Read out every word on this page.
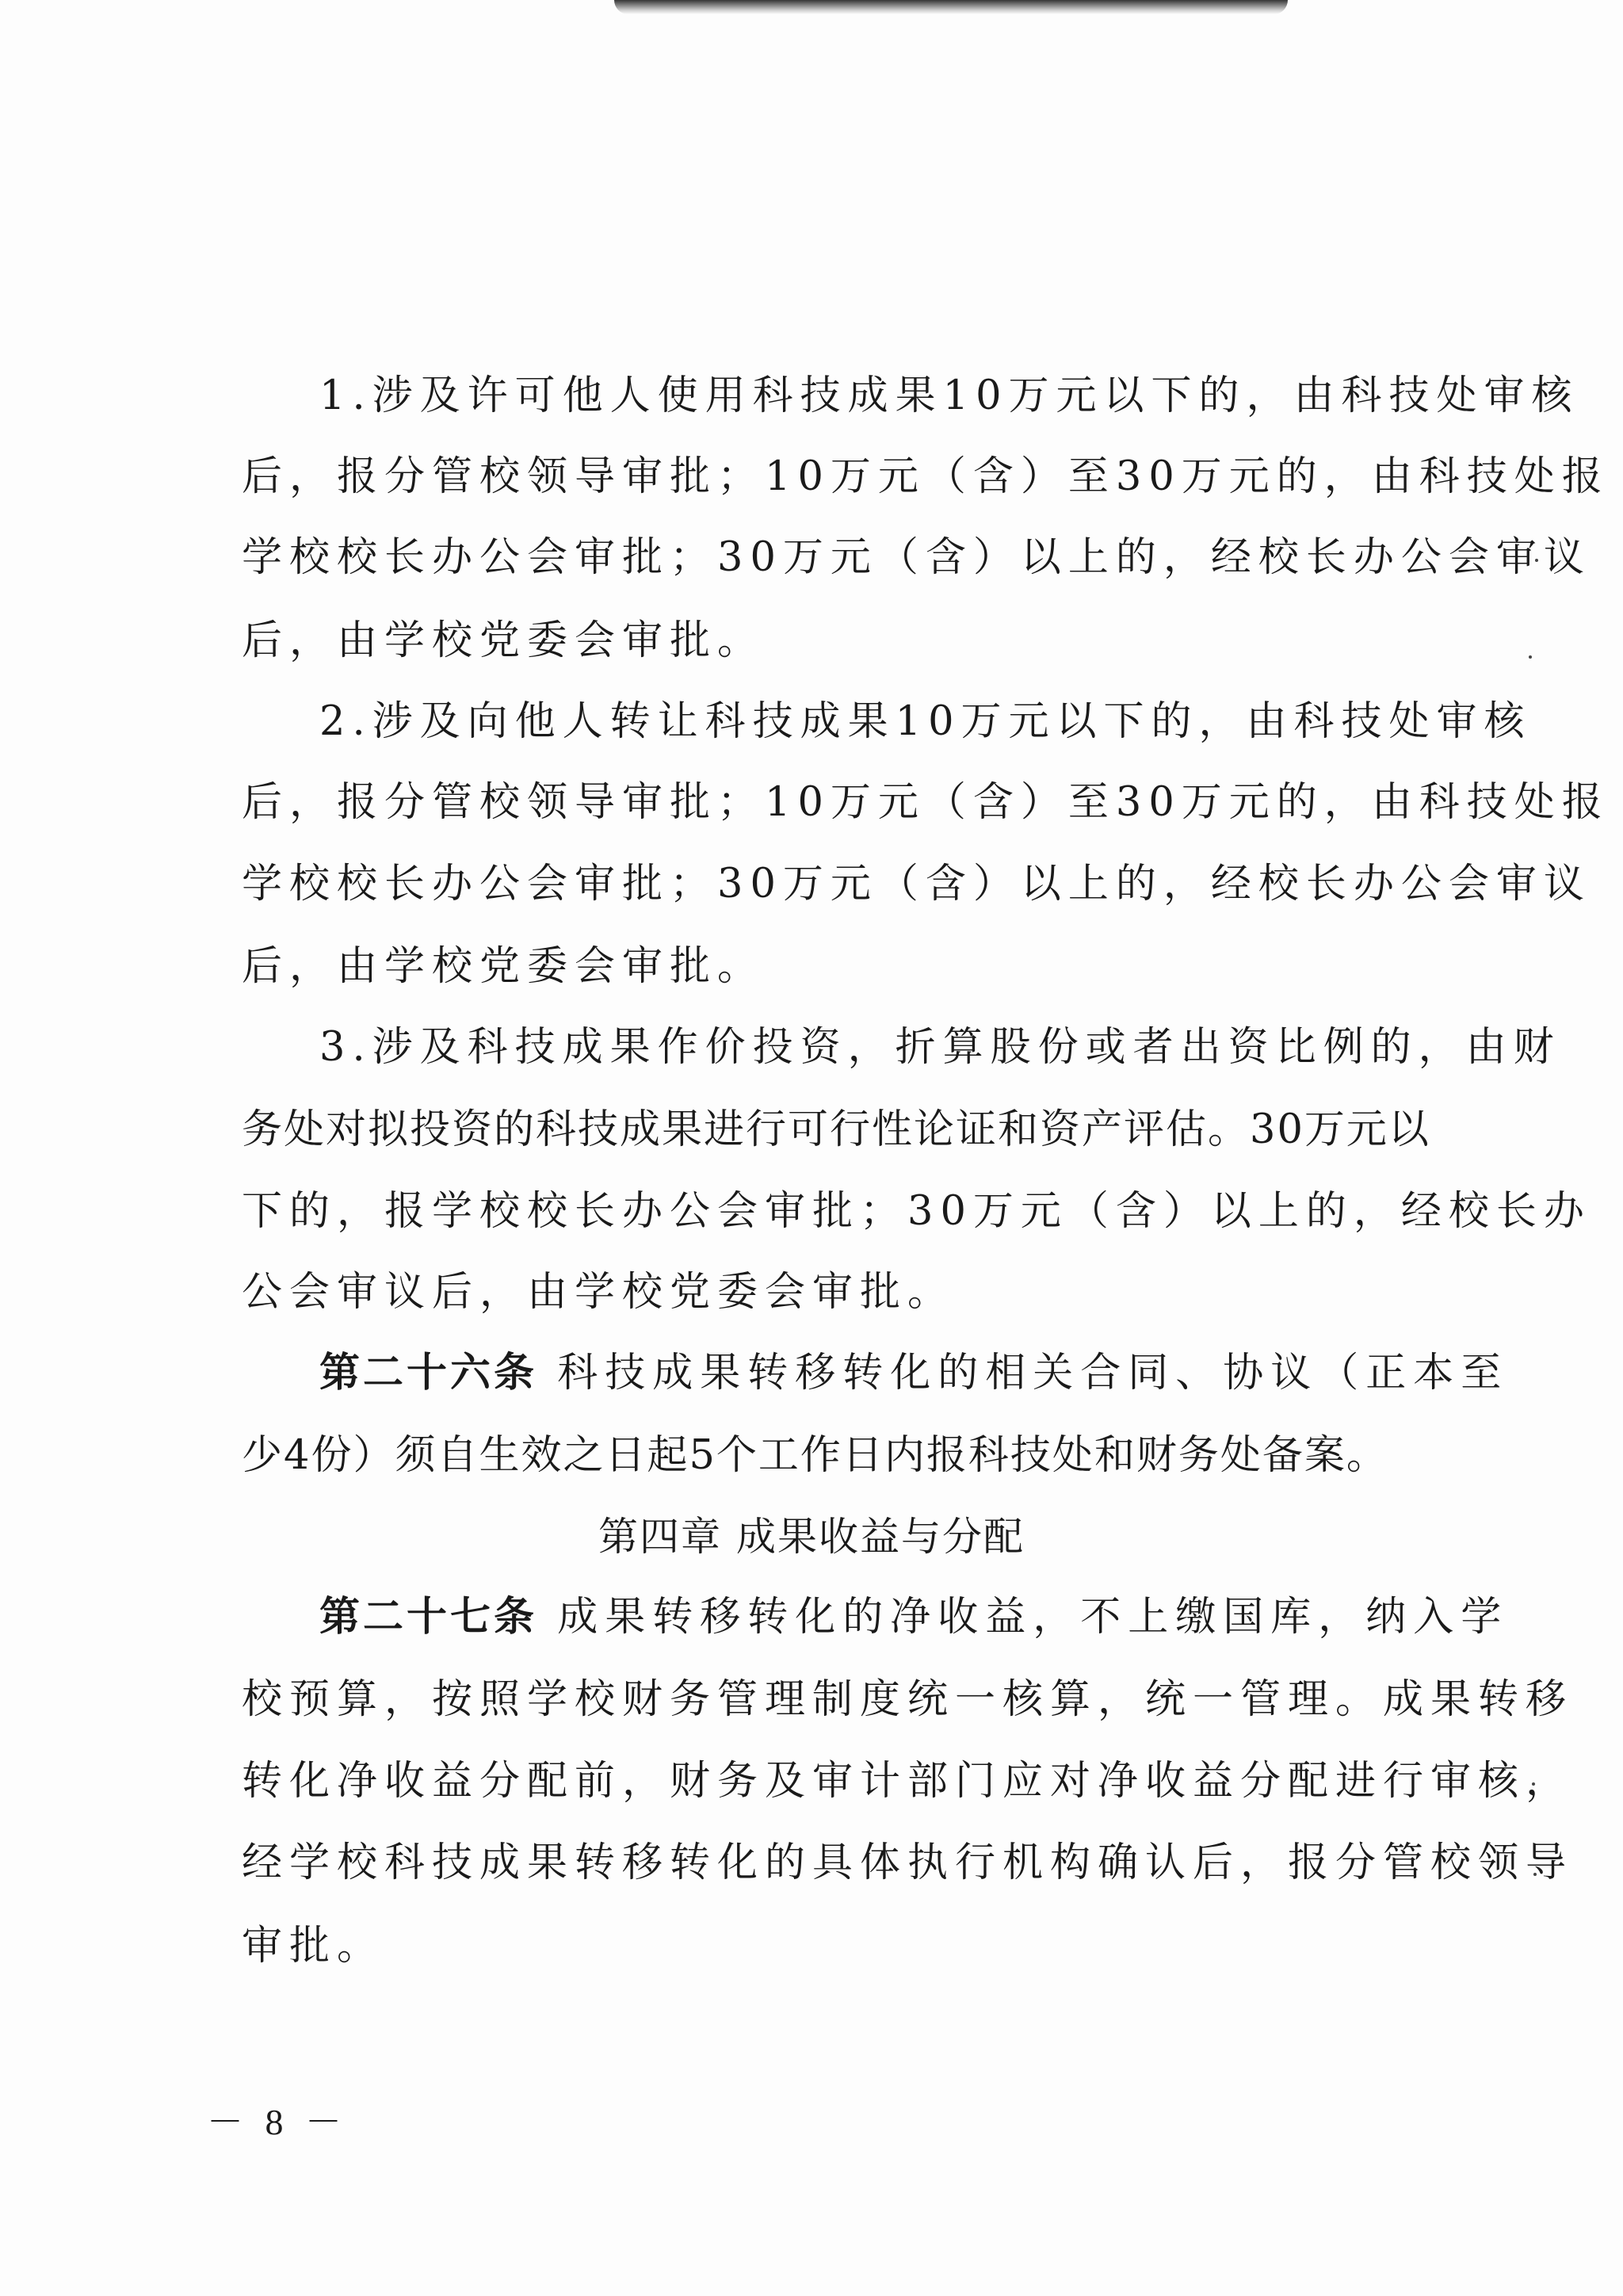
1.涉及许可他人使用科技成果10万元以下的，由科技处审核
后，报分管校领导审批；10万元（含）至30万元的，由科技处报
学校校长办公会审批；30万元（含）以上的，经校长办公会审议
后，由学校党委会审批。
2.涉及向他人转让科技成果10万元以下的，由科技处审核
后，报分管校领导审批；10万元（含）至30万元的，由科技处报
学校校长办公会审批；30万元（含）以上的，经校长办公会审议
后，由学校党委会审批。
3.涉及科技成果作价投资，折算股份或者出资比例的，由财
务处对拟投资的科技成果进行可行性论证和资产评估。30万元以
下的，报学校校长办公会审批；30万元（含）以上的，经校长办
公会审议后，由学校党委会审批。
第二十六条 科技成果转移转化的相关合同、协议（正本至
少4份）须自生效之日起5个工作日内报科技处和财务处备案。
第四章 成果收益与分配
第二十七条 成果转移转化的净收益，不上缴国库，纳入学
校预算，按照学校财务管理制度统一核算，统一管理。成果转移
转化净收益分配前，财务及审计部门应对净收益分配进行审核，
经学校科技成果转移转化的具体执行机构确认后，报分管校领导
审批。
－ 8 －
